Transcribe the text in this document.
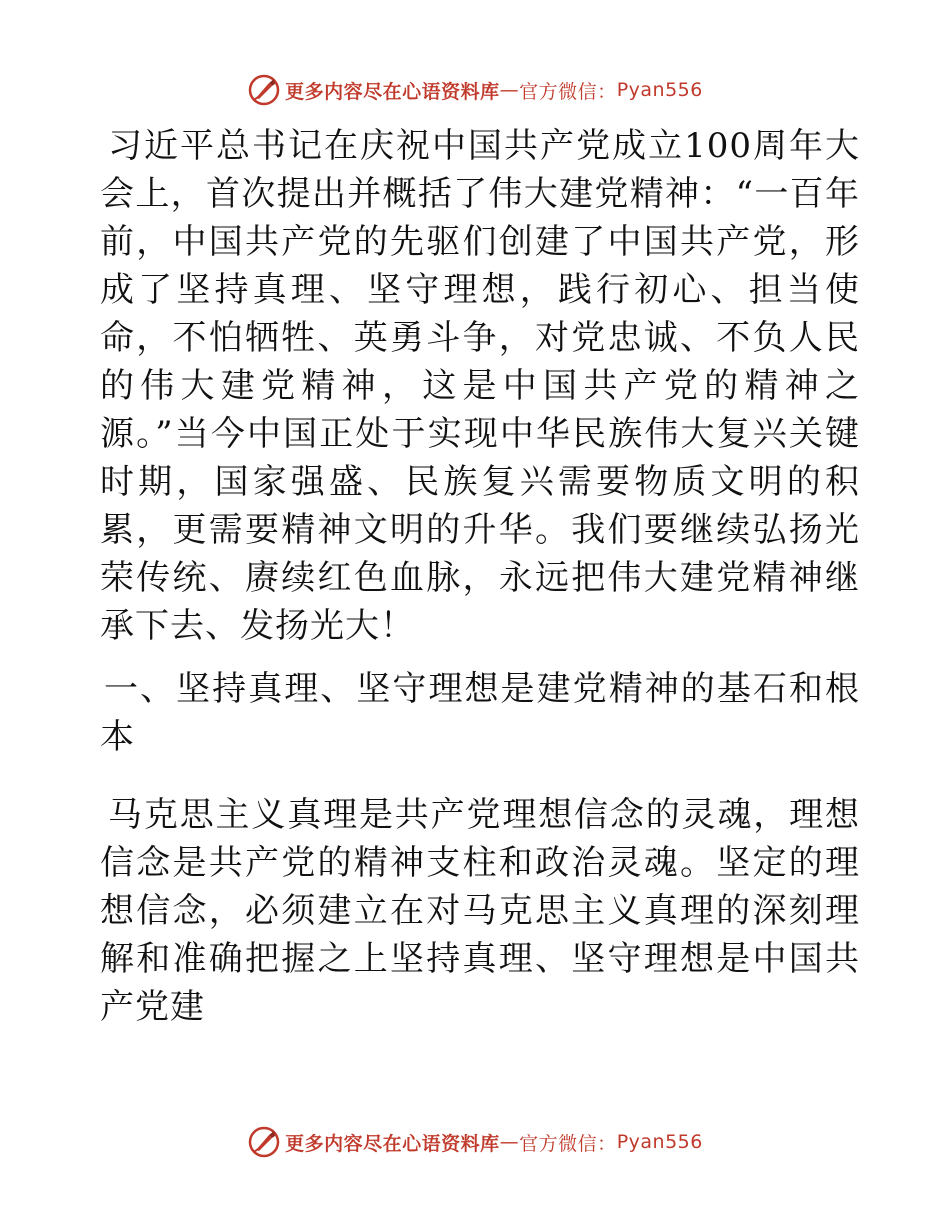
更多内容尽在心语资料库 — 官方微信： Pyan556

习近平总书记在庆祝中国共产党成立100周年大会上，首次提出并概括了伟大建党精神：“一百年前，中国共产党的先驱们创建了中国共产党，形成了坚持真理、坚守理想，践行初心、担当使命，不怕牺牲、英勇斗争，对党忠诚、不负人民的伟大建党精神，这是中国共产党的精神之源。”当今中国正处于实现中华民族伟大复兴关键时期，国家强盛、民族复兴需要物质文明的积累，更需要精神文明的升华。我们要继续弘扬光荣传统、赓续红色血脉，永远把伟大建党精神继承下去、发扬光大！

一、坚持真理、坚守理想是建党精神的基石和根本

马克思主义真理是共产党理想信念的灵魂，理想信念是共产党的精神支柱和政治灵魂。坚定的理想信念，必须建立在对马克思主义真理的深刻理解和准确把握之上坚持真理、坚守理想是中国共产党建

更多内容尽在心语资料库 — 官方微信： Pyan556
